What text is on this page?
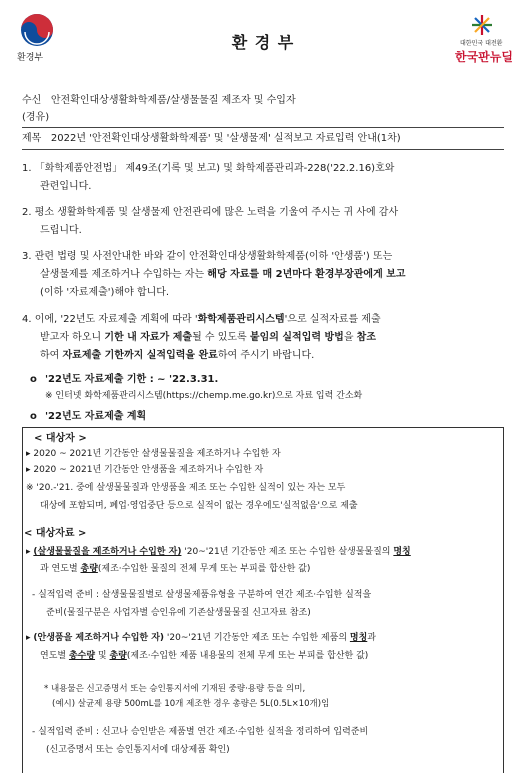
환경부
환 경 부	대한민국 대전환
한국판뉴딜
수신 안전확인대상생활화학제품/살생물물질 제조자 및 수입자
(경유)
제목 2022년 '안전확인대상생활화학제품' 및 '살생물제' 실적보고 자료입력 안내(1차)
1. 「화학제품안전법」 제49조(기록 및 보고) 및 화학제품관리과-228('22.2.16)호와
관련입니다.
2. 평소 생활화학제품 및 살생물제 안전관리에 많은 노력을 기울여 주시는 귀 사에 감사
드립니다.
3. 관련 법령 및 사전안내한 바와 같이 안전확인대상생활화학제품(이하 '안생품') 또는
살생물제를 제조하거나 수입하는 자는 해당 자료를 매 2년마다 환경부장관에게 보고
(이하 '자료제출')해야 합니다.
4. 이에, '22년도 자료제출 계획에 따라 '화학제품관리시스템'으로 실적자료를 제출
받고자 하오니 기한 내 자료가 제출될 수 있도록 붙임의 실적입력 방법을 참조
하여 자료제출 기한까지 실적입력을 완료하여 주시기 바랍니다.
o '22년도 자료제출 기한 : ~ '22.3.31.
※ 인터넷 화학제품관리시스템(https://chemp.me.go.kr)으로 자료 입력 간소화
o '22년도 자료제출 계획
< 대상자 >
▸ 2020 ~ 2021년 기간동안 살생물물질을 제조하거나 수입한 자
▸ 2020 ~ 2021년 기간동안 안생품을 제조하거나 수입한 자
※ '20.-'21. 중에 살생물물질과 안생품을 제조 또는 수입한 실적이 있는 자는 모두
대상에 포함되며, 폐업·영업중단 등으로 실적이 없는 경우에도'실적없음'으로 제출
< 대상자료 >
▸ (살생물물질을 제조하거나 수입한 자) '20~'21년 기간동안 제조 또는 수입한 살생물물질의 명칭
과 연도별 총량(제조·수입한 물질의 전체 무게 또는 부피를 합산한 값)
- 실적입력 준비 : 살생물물질별로 살생물제품유형을 구분하여 연간 제조·수입한 실적을
준비(물질구분은 사업자별 승인유에 기존살생물물질 신고자료 참조)
▸ (안생품을 제조하거나 수입한 자) '20~'21년 기간동안 제조 또는 수입한 제품의 명칭과
연도별 총수량 및 총량(제조·수입한 제품 내용물의 전체 무게 또는 부피를 합산한 값)
* 내용물은 신고증명서 또는 승인통지서에 기재된 중량·용량 등을 의미,
(예시) 살균제 용량 500mL를 10개 제조한 경우 총량은 5L(0.5L×10개)임
- 실적입력 준비 : 신고나 승인받은 제품별 연간 제조·수입한 실적을 정리하여 입력준비
(신고증명서 또는 승인통지서에 대상제품 확인)
